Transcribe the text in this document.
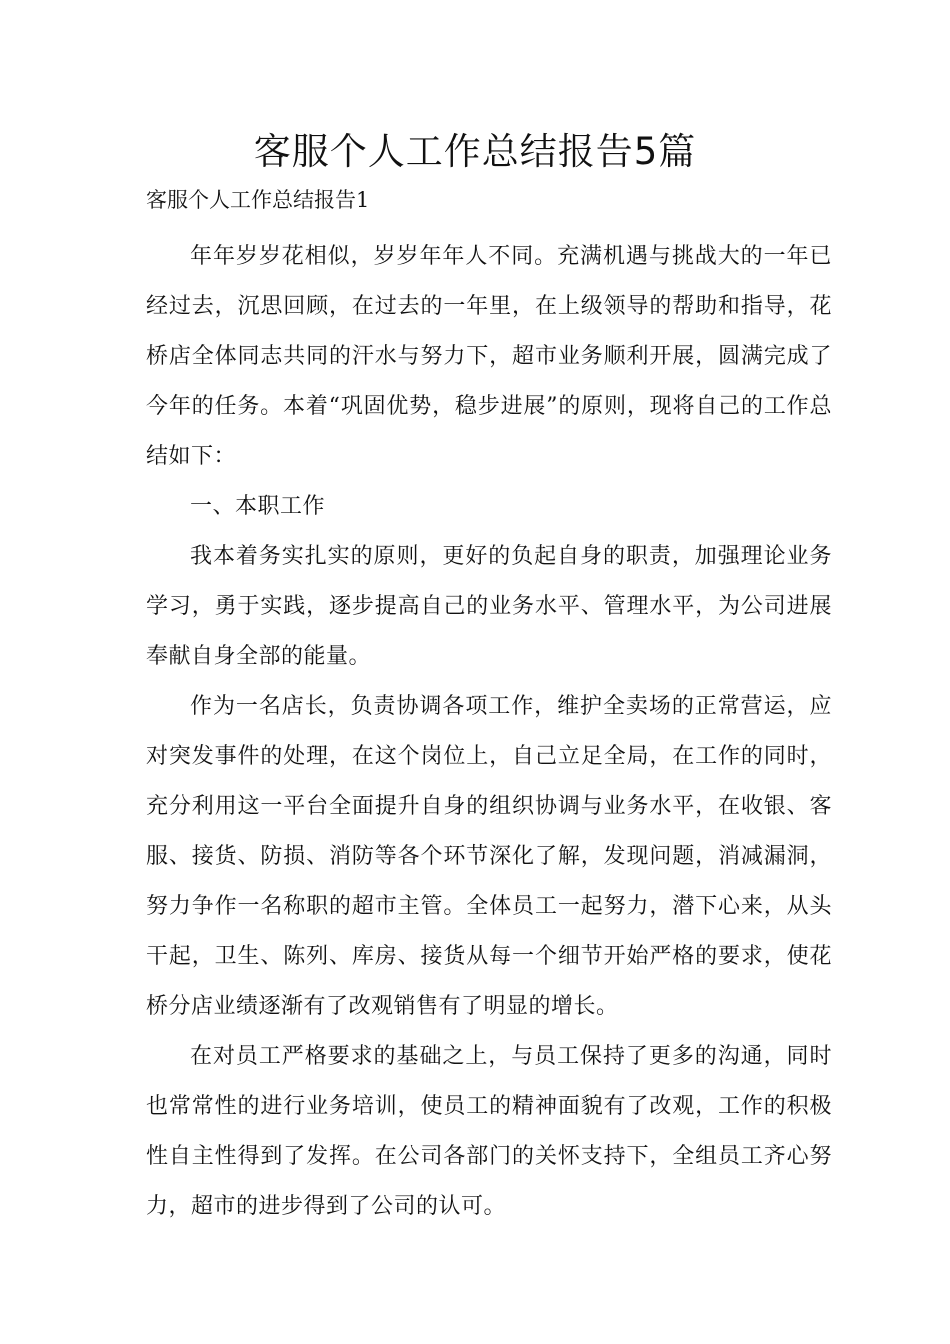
客服个人工作总结报告5篇
客服个人工作总结报告1

年年岁岁花相似，岁岁年年人不同。充满机遇与挑战大的一年已经过去，沉思回顾，在过去的一年里，在上级领导的帮助和指导，花桥店全体同志共同的汗水与努力下，超市业务顺利开展，圆满完成了今年的任务。本着“巩固优势，稳步进展”的原则，现将自己的工作总结如下：

一、本职工作

我本着务实扎实的原则，更好的负起自身的职责，加强理论业务学习，勇于实践，逐步提高自己的业务水平、管理水平，为公司进展奉献自身全部的能量。

作为一名店长，负责协调各项工作，维护全卖场的正常营运，应对突发事件的处理，在这个岗位上，自己立足全局，在工作的同时，充分利用这一平台全面提升自身的组织协调与业务水平，在收银、客服、接货、防损、消防等各个环节深化了解，发现问题，消减漏洞，努力争作一名称职的超市主管。全体员工一起努力，潜下心来，从头干起，卫生、陈列、库房、接货从每一个细节开始严格的要求，使花桥分店业绩逐渐有了改观销售有了明显的增长。

在对员工严格要求的基础之上，与员工保持了更多的沟通，同时也常常性的进行业务培训，使员工的精神面貌有了改观，工作的积极性自主性得到了发挥。在公司各部门的关怀支持下，全组员工齐心努力，超市的进步得到了公司的认可。
